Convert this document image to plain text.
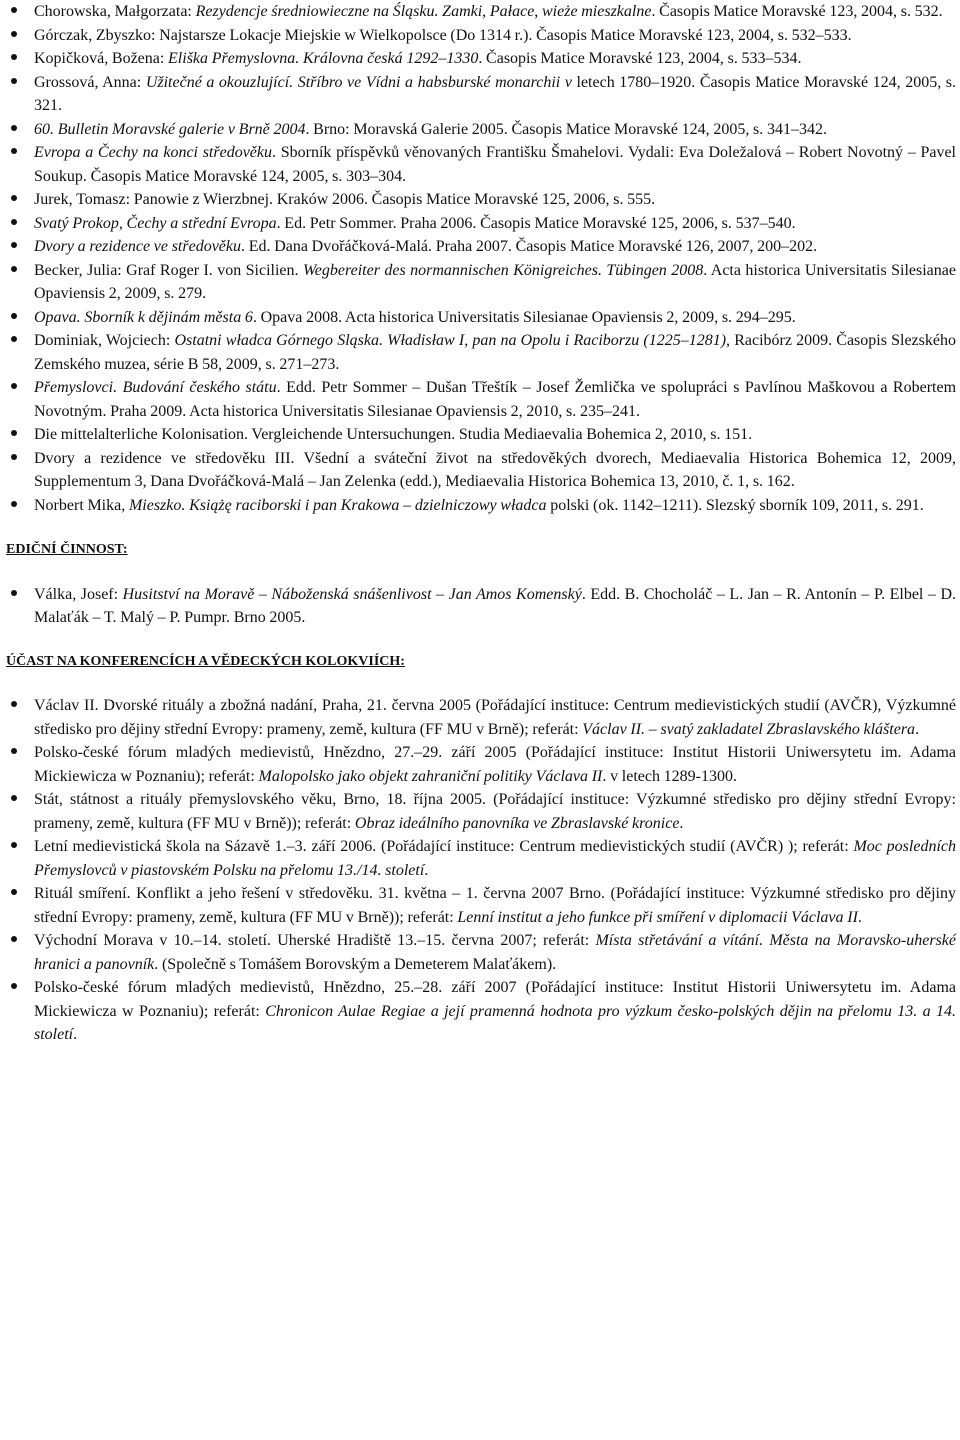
Chorowska, Małgorzata: Rezydencje średniowieczne na Śląsku. Zamki, Pałace, wieże mieszkalne. Časopis Matice Moravské 123, 2004, s. 532.
Górczak, Zbyszko: Najstarsze Lokacje Miejskie w Wielkopolsce (Do 1314 r.). Časopis Matice Moravské 123, 2004, s. 532–533.
Kopičková, Božena: Eliška Přemyslovna. Královna česká 1292–1330. Časopis Matice Moravské 123, 2004, s. 533–534.
Grossová, Anna: Užitečné a okouzlující. Stříbro ve Vídni a habsburské monarchii v letech 1780–1920. Časopis Matice Moravské 124, 2005, s. 321.
60. Bulletin Moravské galerie v Brně 2004. Brno: Moravská Galerie 2005. Časopis Matice Moravské 124, 2005, s. 341–342.
Evropa a Čechy na konci středověku. Sborník příspěvků věnovaných Františku Šmahelovi. Vydali: Eva Doležalová – Robert Novotný – Pavel Soukup. Časopis Matice Moravské 124, 2005, s. 303–304.
Jurek, Tomasz: Panowie z Wierzbnej. Kraków 2006. Časopis Matice Moravské 125, 2006, s. 555.
Svatý Prokop, Čechy a střední Evropa. Ed. Petr Sommer. Praha 2006. Časopis Matice Moravské 125, 2006, s. 537–540.
Dvory a rezidence ve středověku. Ed. Dana Dvořáčková-Malá. Praha 2007. Časopis Matice Moravské 126, 2007, 200–202.
Becker, Julia: Graf Roger I. von Sicilien. Wegbereiter des normannischen Königreiches. Tübingen 2008. Acta historica Universitatis Silesianae Opaviensis 2, 2009, s. 279.
Opava. Sborník k dějinám města 6. Opava 2008. Acta historica Universitatis Silesianae Opaviensis 2, 2009, s. 294–295.
Dominiak, Wojciech: Ostatni władca Górnego Sląska. Władisław I, pan na Opolu i Raciborzu (1225–1281), Racibórz 2009. Časopis Slezského Zemského muzea, série B 58, 2009, s. 271–273.
Přemyslovci. Budování českého státu. Edd. Petr Sommer – Dušan Třeštík – Josef Žemlička ve spolupráci s Pavlínou Maškovou a Robertem Novotným. Praha 2009. Acta historica Universitatis Silesianae Opaviensis 2, 2010, s. 235–241.
Die mittelalterliche Kolonisation. Vergleichende Untersuchungen. Studia Mediaevalia Bohemica 2, 2010, s. 151.
Dvory a rezidence ve středověku III. Všední a sváteční život na středověkých dvorech, Mediaevalia Historica Bohemica 12, 2009, Supplementum 3, Dana Dvořáčková-Malá – Jan Zelenka (edd.), Mediaevalia Historica Bohemica 13, 2010, č. 1, s. 162.
Norbert Mika, Mieszko. Książę raciborski i pan Krakowa – dzielniczowy władca polski (ok. 1142–1211). Slezský sborník 109, 2011, s. 291.
EDIČNÍ ČINNOST:
Válka, Josef: Husitství na Moravě – Náboženská snášenlivost – Jan Amos Komenský. Edd. B. Chocholáč – L. Jan – R. Antonín – P. Elbel – D. Malaťák – T. Malý – P. Pumpr. Brno 2005.
ÚČAST NA KONFERENCÍCH A VĚDECKÝCH KOLOKVIÍCH:
Václav II. Dvorské rituály a zbožná nadání, Praha, 21. června 2005 (Pořádající instituce: Centrum medievistických studií (AVČR), Výzkumné středisko pro dějiny střední Evropy: prameny, země, kultura (FF MU v Brně); referát: Václav II. – svatý zakladatel Zbraslavského kláštera.
Polsko-české fórum mladých medievistů, Hnězdno, 27.–29. září 2005 (Pořádající instituce: Institut Historii Uniwersytetu im. Adama Mickiewicza w Poznaniu); referát: Malopolsko jako objekt zahraniční politiky Václava II. v letech 1289-1300.
Stát, státnost a rituály přemyslovského věku, Brno, 18. října 2005. (Pořádající instituce: Výzkumné středisko pro dějiny střední Evropy: prameny, země, kultura (FF MU v Brně)); referát: Obraz ideálního panovníka ve Zbraslavské kronice.
Letní medievistická škola na Sázavě 1.–3. září 2006. (Pořádající instituce: Centrum medievistických studií (AVČR) ); referát: Moc posledních Přemyslovců v piastovském Polsku na přelomu 13./14. století.
Rituál smíření. Konflikt a jeho řešení v středověku. 31. května – 1. června 2007 Brno. (Pořádající instituce: Výzkumné středisko pro dějiny střední Evropy: prameny, země, kultura (FF MU v Brně)); referát: Lenní institut a jeho funkce při smíření v diplomacii Václava II.
Východní Morava v 10.–14. století. Uherské Hradiště 13.–15. června 2007; referát: Místa střetávání a vítání. Města na Moravsko-uherské hranici a panovník. (Společně s Tomášem Borovským a Demeterem Malaťákem).
Polsko-české fórum mladých medievistů, Hnězdno, 25.–28. září 2007 (Pořádající instituce: Institut Historii Uniwersytetu im. Adama Mickiewicza w Poznaniu); referát: Chronicon Aulae Regiae a její pramenná hodnota pro výzkum česko-polských dějin na přelomu 13. a 14. století.
